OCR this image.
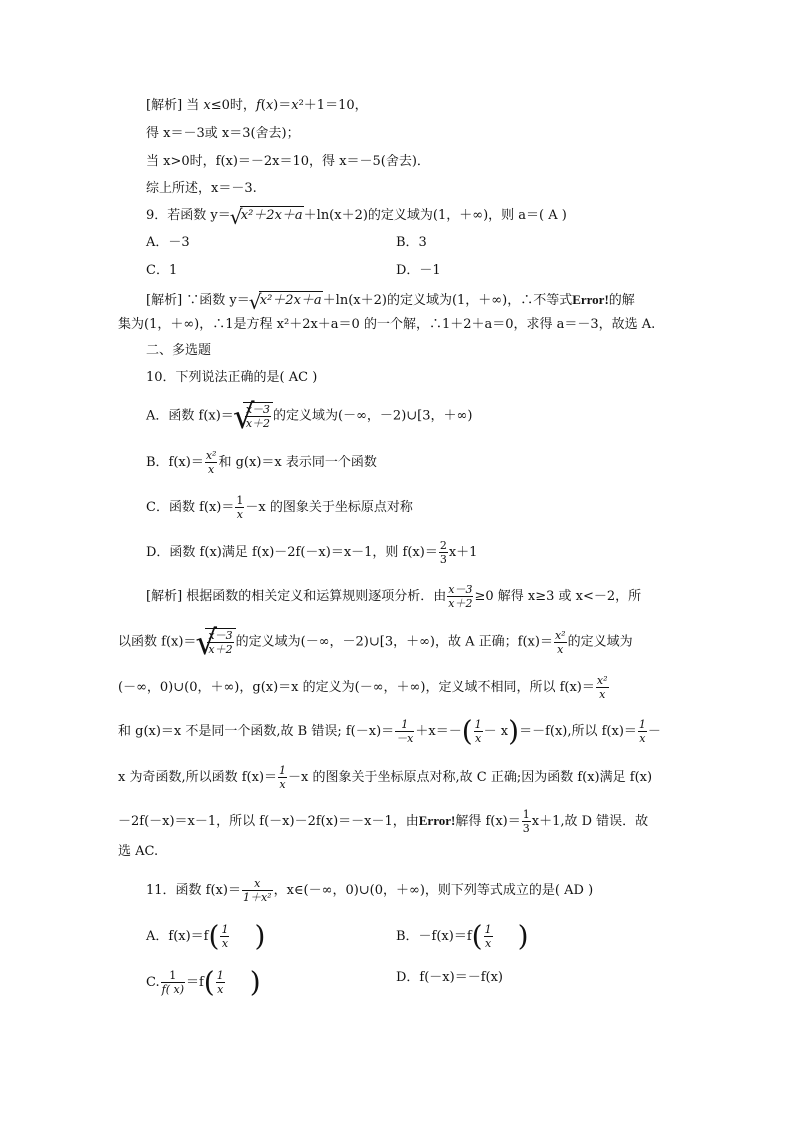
[解析] 当 x≤0时，f(x)＝x²＋1＝10，
得 x＝－3或 x＝3(舍去)；
当 x>0时，f(x)＝－2x＝10，得 x＝－5(舍去)．
综上所述，x＝－3.
9．若函数 y＝ √ x²＋2x＋a＋ln(x＋2)的定义域为(1，＋∞)，则 a＝( A )
A．－3	B．3
C．1	D．－1
[解析] ∵函数 y＝ √ x²＋2x＋a＋ln(x＋2)的定义域为(1，＋∞)，∴不等式Error!的解
集为(1，＋∞)，∴1是方程 x²＋2x＋a＝0 的一个解，∴1＋2＋a＝0，求得 a＝－3，故选 A.
二、多选题
10．下列说法正确的是( AC )
A．函数 f(x)＝ √ $\frac{x-3}{x+2}$ 的定义域为(－∞，－2)∪[3，＋∞)
B．$f(x)= \frac{\text{x²}}{x}$ 和 g(x)＝x 表示同一个函数
C．函数 $f(x)= \frac{1}{x} -x$ 的图象关于坐标原点对称
D．函数 f(x)满足 f(x)－2f(－x)＝x－1，则 $f(x)= \frac{2}{3} x+1$
[解析] 根据函数的相关定义和运算规则逐项分析．由 $\frac{x-3}{x+2} \ge 0$ 解得 x≥3 或 x<－2，所
以函数 f(x)＝ √ $\frac{x-3}{x+2}$ 的定义域为(－∞，－2)∪[3，＋∞)，故 A 正确；$f(x)= \frac{\text{x²}}{x}$ 的定义域为
(－∞，0)∪(0，＋∞)，g(x)＝x 的定义为(－∞，＋∞)，定义域不相同，所以 $f(x)= \frac{\text{x²}}{x}$
和 g(x)＝x 不是同一个函数,故 B 错误; $f(-x)= \frac{1}{-x} +x=-( \frac{1}{x} - x)=-f(x)$,所以 $f(x)= \frac{1}{x}$ －
x 为奇函数,所以函数 $f(x)= \frac{1}{x} -x$ 的图象关于坐标原点对称,故 C 正确;因为函数 f(x)满足 f(x)
－2f(－x)＝x－1，所以 f(－x)－2f(x)＝－x－1，由Error!解得 $f(x)= \frac{1}{3} x+1$,故 D 错误．故
选 AC.
11．函数 $f(x)= \frac{x}{\text{1＋x²}}$ ，x∈(－∞，0)∪(0，＋∞)，则下列等式成立的是( AD )
A．$f(x)=f( \frac{1}{x}$ )	B．$-f(x)=f( \frac{1}{x}$ )
C. $\frac{1}{f( x)} =f( \frac{1}{x}$ )	D．f(－x)＝－f(x)
